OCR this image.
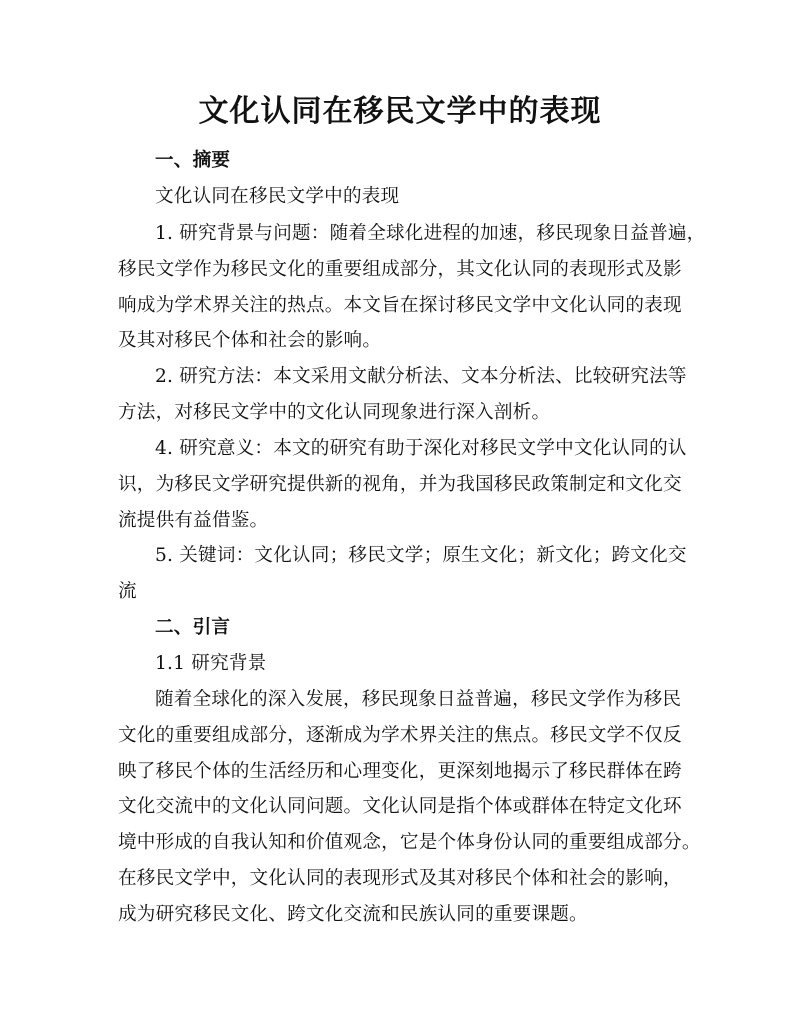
文化认同在移民文学中的表现
一、摘要
文化认同在移民文学中的表现
1. 研究背景与问题：随着全球化进程的加速，移民现象日益普遍，
移民文学作为移民文化的重要组成部分，其文化认同的表现形式及影
响成为学术界关注的热点。本文旨在探讨移民文学中文化认同的表现
及其对移民个体和社会的影响。
2. 研究方法：本文采用文献分析法、文本分析法、比较研究法等
方法，对移民文学中的文化认同现象进行深入剖析。
4. 研究意义：本文的研究有助于深化对移民文学中文化认同的认
识，为移民文学研究提供新的视角，并为我国移民政策制定和文化交
流提供有益借鉴。
5. 关键词：文化认同；移民文学；原生文化；新文化；跨文化交
流
二、引言
1.1 研究背景
随着全球化的深入发展，移民现象日益普遍，移民文学作为移民
文化的重要组成部分，逐渐成为学术界关注的焦点。移民文学不仅反
映了移民个体的生活经历和心理变化，更深刻地揭示了移民群体在跨
文化交流中的文化认同问题。文化认同是指个体或群体在特定文化环
境中形成的自我认知和价值观念，它是个体身份认同的重要组成部分。
在移民文学中，文化认同的表现形式及其对移民个体和社会的影响，
成为研究移民文化、跨文化交流和民族认同的重要课题。
